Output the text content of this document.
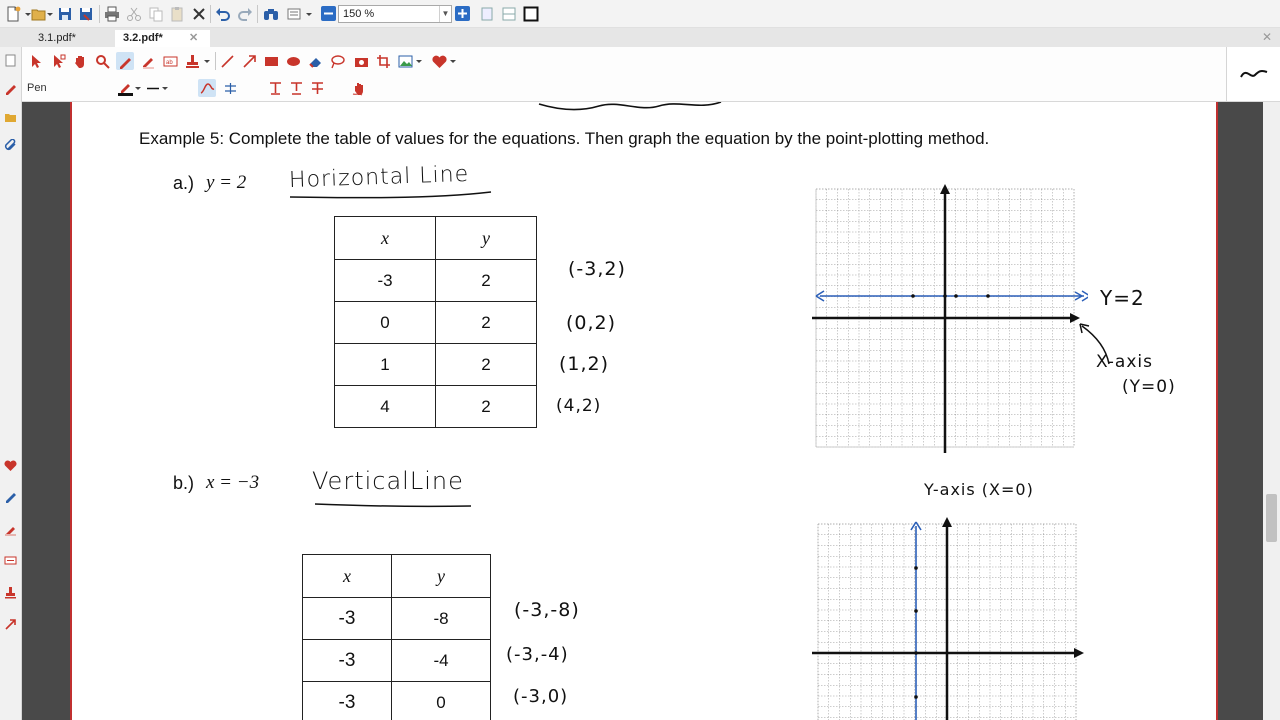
150 %	▼
3.1.pdf*	3.2.pdf* ✕	✕
ab
Pen
Example 5: Complete the table of values for the equations. Then graph the equation by the point-plotting method.
a.) y = 2 Horizontal Line
x	y
-3	2
0	2
1	2
4	2
(-3,2)
(0,2)
(1,2)
(4,2)
Y=2
X-axis
(Y=0)
b.) x = −3 VerticalLine
x	y
-3	-8
-3	-4
-3	0
(-3,-8)
(-3,-4)
(-3,0)
Y-axis (X=0)
